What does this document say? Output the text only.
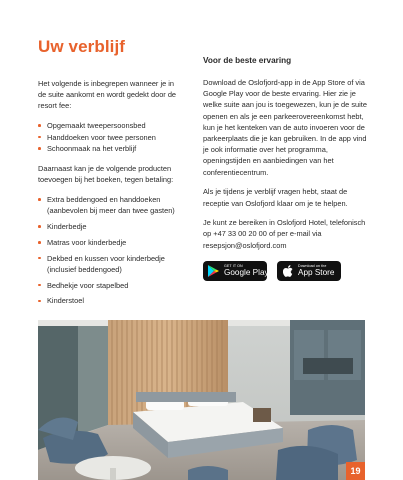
Uw verblijf

Het volgende is inbegrepen wanneer je in de suite aankomt en wordt gedekt door de resort fee:

Opgemaakt tweepersoonsbed
Handdoeken voor twee personen
Schoonmaak na het verblijf

Daarnaast kan je de volgende producten toevoegen bij het boeken, tegen betaling:

Extra beddengoed en handdoeken (aanbevolen bij meer dan twee gasten)
Kinderbedje
Matras voor kinderbedje
Dekbed en kussen voor kinderbedje (inclusief beddengoed)
Bedhekje voor stapelbed
Kinderstoel
Voor de beste ervaring

Download de Oslofjord-app in de App Store of via Google Play voor de beste ervaring. Hier zie je welke suite aan jou is toegewezen, kun je de suite openen en als je een parkeerovereenkomst hebt, kun je het kenteken van de auto invoeren voor de parkeerplaats die je kan gebruiken. In de app vind je ook informatie over het programma, openingstijden en aanbiedingen van het conferentiecentrum.

Als je tijdens je verblijf vragen hebt, staat de receptie van Oslofjord klaar om je te helpen.

Je kunt ze bereiken in Oslofjord Hotel, telefonisch op +47 33 00 20 00 of per e-mail via resepsjon@oslofjord.com

GET IT ON
Google Play
Download on the
App Store
19
